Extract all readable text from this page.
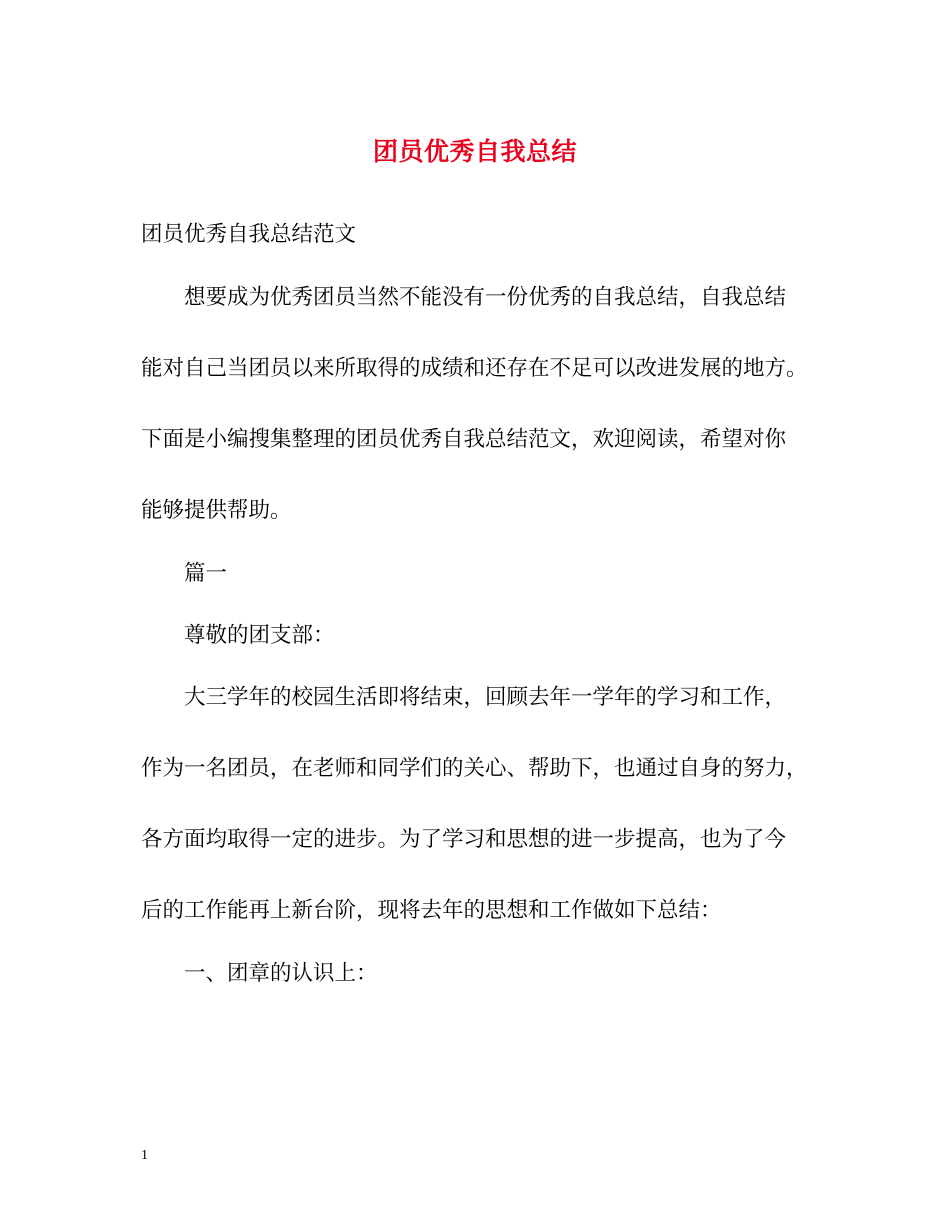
团员优秀自我总结
团员优秀自我总结范文
想要成为优秀团员当然不能没有一份优秀的自我总结，自我总结
能对自己当团员以来所取得的成绩和还存在不足可以改进发展的地方。
下面是小编搜集整理的团员优秀自我总结范文，欢迎阅读，希望对你
能够提供帮助。
篇一
尊敬的团支部：
大三学年的校园生活即将结束，回顾去年一学年的学习和工作，
作为一名团员，在老师和同学们的关心、帮助下，也通过自身的努力，
各方面均取得一定的进步。为了学习和思想的进一步提高，也为了今
后的工作能再上新台阶，现将去年的思想和工作做如下总结：
一、团章的认识上：
1
